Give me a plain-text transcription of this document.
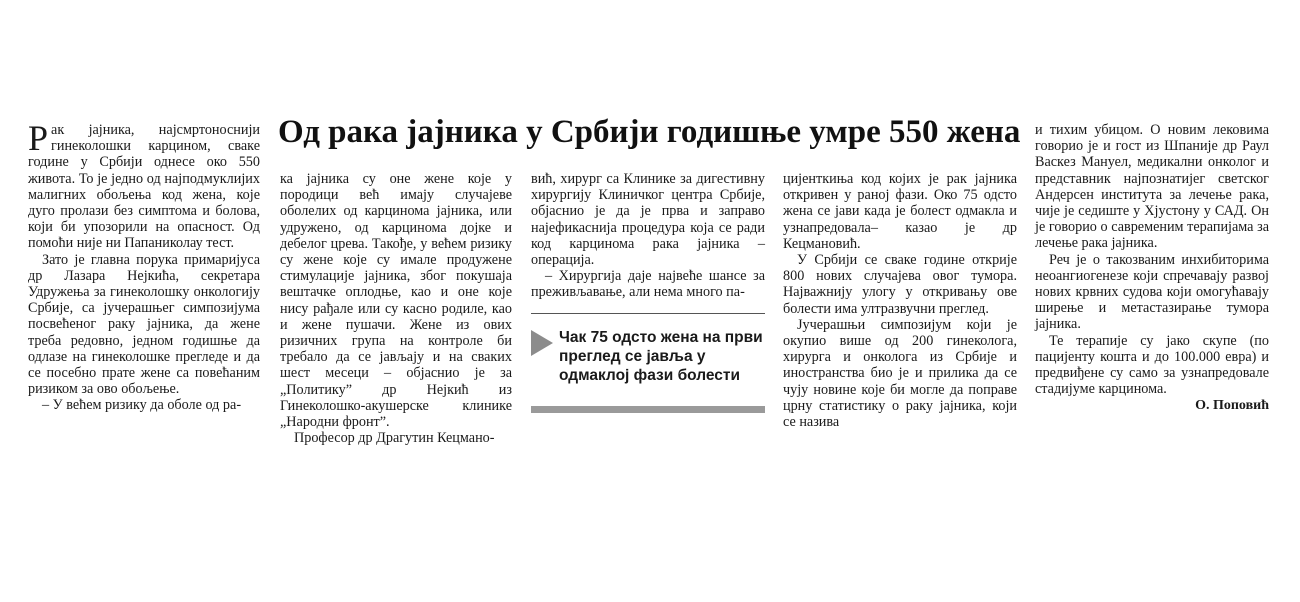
Од рака јајника у Србији годишње умре 550 жена

Рак јајника, најсмртоноснији гинеколошки карцином, сваке године у Србији однесе око 550 живота. То је једно од најподмуклијих малигних обољења код жена, које дуго пролази без симптома и болова, који би упозорили на опасност. Од помоћи није ни Папаниколау тест.

Зато је главна порука примаријуса др Лазара Нејкића, секретара Удружења за гинеколошку онкологију Србије, са јучерашњег симпозијума посвећеног раку јајника, да жене треба редовно, једном годишње да одлазе на гинеколошке прегледе и да се посебно прате жене са повећаним ризиком за ово обољење.

– У већем ризику да оболе од ра-

ка јајника су оне жене које у породици већ имају случајеве оболелих од карцинома јајника, или удружено, од карцинома дојке и дебелог црева. Такође, у већем ризику су жене које су имале продужене стимулације јајника, због покушаја вештачке оплодње, као и оне које нису рађале или су касно родиле, као и жене пушачи. Жене из ових ризичних група на контроле би требало да се јављају и на сваких шест месеци – објаснио је за „Политику” др Нејкић из Гинеколошко-акушерске клинике „Народни фронт”.

Професор др Драгутин Кецмано-

вић, хирург са Клинике за дигестивну хирургију Клиничког центра Србије, објаснио је да је прва и заправо најефикаснија процедура која се ради код карцинома рака јајника – операција.

– Хирургија даје највеће шансе за преживљавање, али нема много па-

Чак 75 одсто жена на први преглед се јавља у одмаклој фази болести

цијенткиња код којих је рак јајника откривен у раној фази. Око 75 одсто жена се јави када је болест одмакла и узнапредовала– казао је др Кецмановић.

У Србији се сваке године открије 800 нових случајева овог тумора. Најважнију улогу у откривању ове болести има ултразвучни преглед.

Јучерашњи симпозијум који је окупио више од 200 гинеколога, хирурга и онколога из Србије и иностранства био је и прилика да се чују новине које би могле да поправе црну статистику о раку јајника, који се назива

и тихим убицом. О новим лековима говорио је и гост из Шпаније др Раул Васкез Мануел, медикални онколог и представник најпознатијег светског Андерсен института за лечење рака, чије је седиште у Хјустону у САД. Он је говорио о савременим терапијама за лечење рака јајника.

Реч је о такозваним инхибиторима неоангиогенезе који спречавају развој нових крвних судова који омогућавају ширење и метастазирање тумора јајника.

Те терапије су јако скупе (по пацијенту кошта и до 100.000 евра) и предвиђене су само за узнапредовале стадијуме карцинома.

О. Поповић
